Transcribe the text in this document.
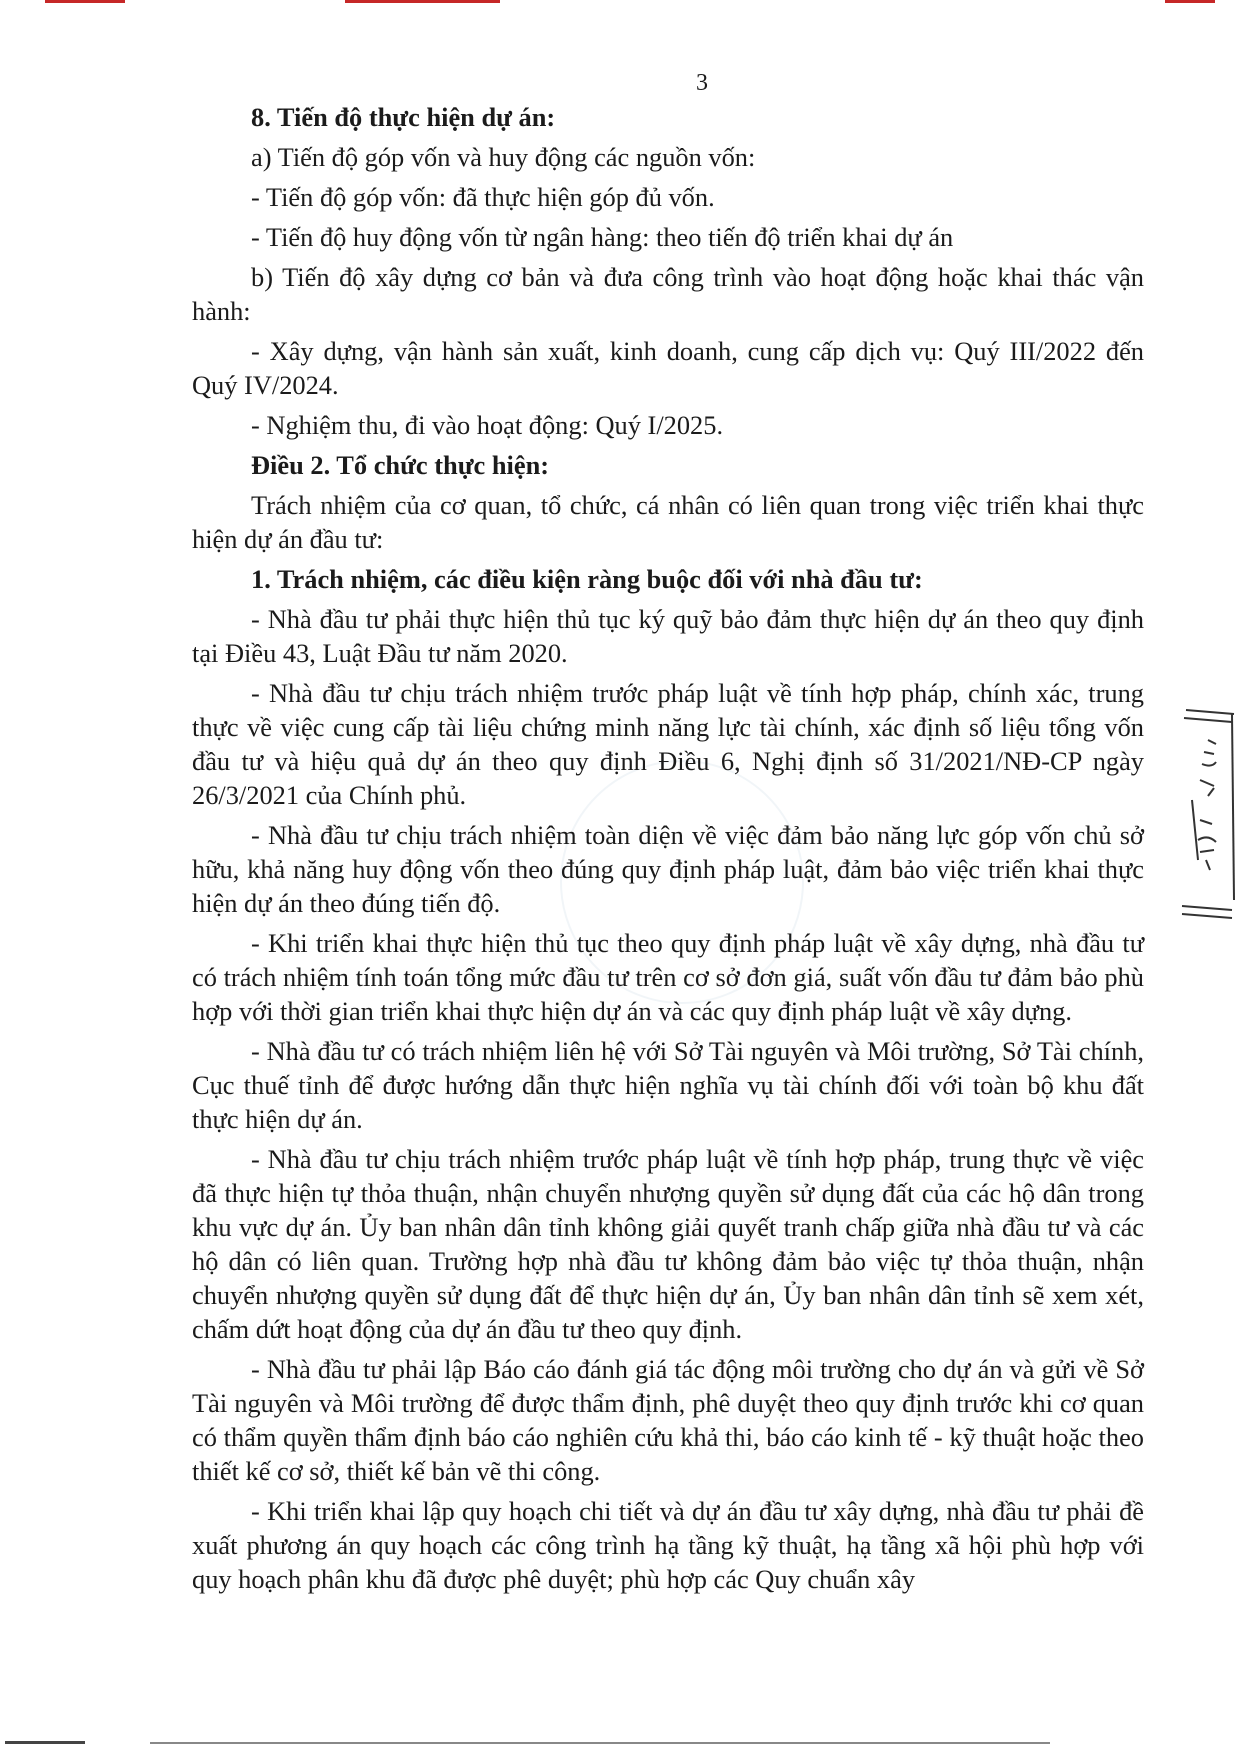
3

8. Tiến độ thực hiện dự án:

a) Tiến độ góp vốn và huy động các nguồn vốn:

- Tiến độ góp vốn: đã thực hiện góp đủ vốn.

- Tiến độ huy động vốn từ ngân hàng: theo tiến độ triển khai dự án

b) Tiến độ xây dựng cơ bản và đưa công trình vào hoạt động hoặc khai thác vận hành:

- Xây dựng, vận hành sản xuất, kinh doanh, cung cấp dịch vụ: Quý III/2022 đến Quý IV/2024.

- Nghiệm thu, đi vào hoạt động: Quý I/2025.

Điều 2. Tổ chức thực hiện:

Trách nhiệm của cơ quan, tổ chức, cá nhân có liên quan trong việc triển khai thực hiện dự án đầu tư:

1. Trách nhiệm, các điều kiện ràng buộc đối với nhà đầu tư:

- Nhà đầu tư phải thực hiện thủ tục ký quỹ bảo đảm thực hiện dự án theo quy định tại Điều 43, Luật Đầu tư năm 2020.

- Nhà đầu tư chịu trách nhiệm trước pháp luật về tính hợp pháp, chính xác, trung thực về việc cung cấp tài liệu chứng minh năng lực tài chính, xác định số liệu tổng vốn đầu tư và hiệu quả dự án theo quy định Điều 6, Nghị định số 31/2021/NĐ-CP ngày 26/3/2021 của Chính phủ.

- Nhà đầu tư chịu trách nhiệm toàn diện về việc đảm bảo năng lực góp vốn chủ sở hữu, khả năng huy động vốn theo đúng quy định pháp luật, đảm bảo việc triển khai thực hiện dự án theo đúng tiến độ.

- Khi triển khai thực hiện thủ tục theo quy định pháp luật về xây dựng, nhà đầu tư có trách nhiệm tính toán tổng mức đầu tư trên cơ sở đơn giá, suất vốn đầu tư đảm bảo phù hợp với thời gian triển khai thực hiện dự án và các quy định pháp luật về xây dựng.

- Nhà đầu tư có trách nhiệm liên hệ với Sở Tài nguyên và Môi trường, Sở Tài chính, Cục thuế tỉnh để được hướng dẫn thực hiện nghĩa vụ tài chính đối với toàn bộ khu đất thực hiện dự án.

- Nhà đầu tư chịu trách nhiệm trước pháp luật về tính hợp pháp, trung thực về việc đã thực hiện tự thỏa thuận, nhận chuyển nhượng quyền sử dụng đất của các hộ dân trong khu vực dự án. Ủy ban nhân dân tỉnh không giải quyết tranh chấp giữa nhà đầu tư và các hộ dân có liên quan. Trường hợp nhà đầu tư không đảm bảo việc tự thỏa thuận, nhận chuyển nhượng quyền sử dụng đất để thực hiện dự án, Ủy ban nhân dân tỉnh sẽ xem xét, chấm dứt hoạt động của dự án đầu tư theo quy định.

- Nhà đầu tư phải lập Báo cáo đánh giá tác động môi trường cho dự án và gửi về Sở Tài nguyên và Môi trường để được thẩm định, phê duyệt theo quy định trước khi cơ quan có thẩm quyền thẩm định báo cáo nghiên cứu khả thi, báo cáo kinh tế - kỹ thuật hoặc theo thiết kế cơ sở, thiết kế bản vẽ thi công.

- Khi triển khai lập quy hoạch chi tiết và dự án đầu tư xây dựng, nhà đầu tư phải đề xuất phương án quy hoạch các công trình hạ tầng kỹ thuật, hạ tầng xã hội phù hợp với quy hoạch phân khu đã được phê duyệt; phù hợp các Quy chuẩn xây
